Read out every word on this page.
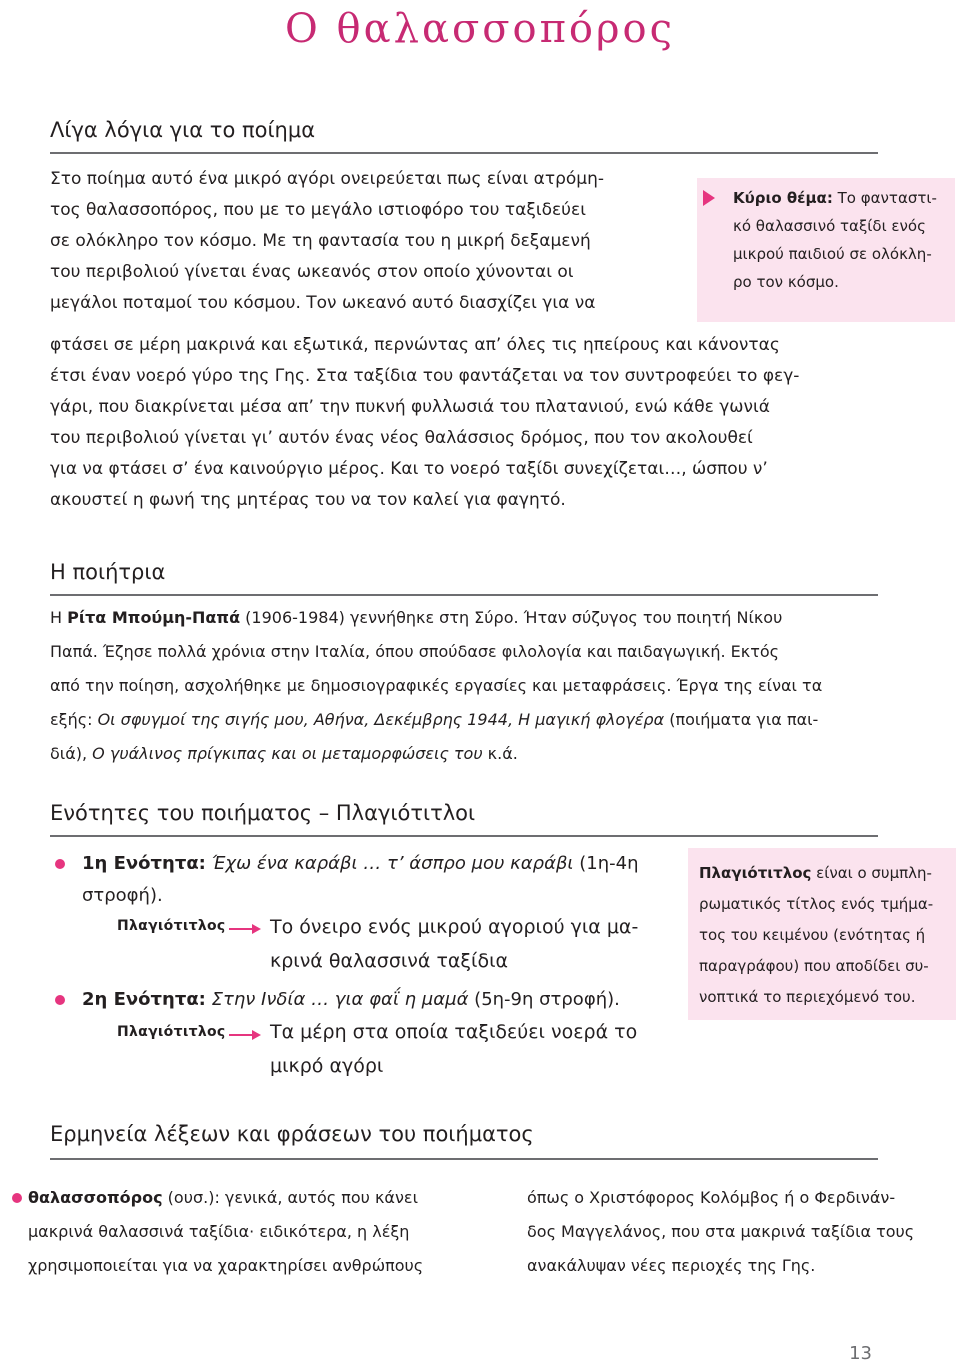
Ο θαλασσοπόρος
Λίγα λόγια για το ποίημα
Στο ποίημα αυτό ένα μικρό αγόρι ονειρεύεται πως είναι ατρόμη-
τος θαλασσοπόρος, που με το μεγάλο ιστιοφόρο του ταξιδεύει
σε ολόκληρο τον κόσμο. Με τη φαντασία του η μικρή δεξαμενή
του περιβολιού γίνεται ένας ωκεανός στον οποίο χύνονται οι
μεγάλοι ποταμοί του κόσμου. Τον ωκεανό αυτό διασχίζει για να
φτάσει σε μέρη μακρινά και εξωτικά, περνώντας απ’ όλες τις ηπείρους και κάνοντας
έτσι έναν νοερό γύρο της Γης. Στα ταξίδια του φαντάζεται να τον συντροφεύει το φεγ-
γάρι, που διακρίνεται μέσα απ’ την πυκνή φυλλωσιά του πλατανιού, ενώ κάθε γωνιά
του περιβολιού γίνεται γι’ αυτόν ένας νέος θαλάσσιος δρόμος, που τον ακολουθεί
για να φτάσει σ’ ένα καινούργιο μέρος. Και το νοερό ταξίδι συνεχίζεται…, ώσπου ν’
ακουστεί η φωνή της μητέρας του να τον καλεί για φαγητό.
Κύριο θέμα: Το φανταστι-
κό θαλασσινό ταξίδι ενός
μικρού παιδιού σε ολόκλη-
ρο τον κόσμο.
Η ποιήτρια
Η Ρίτα Μπούμη-Παπά (1906-1984) γεννήθηκε στη Σύρο. Ήταν σύζυγος του ποιητή Νίκου
Παπά. Έζησε πολλά χρόνια στην Ιταλία, όπου σπούδασε φιλολογία και παιδαγωγική. Εκτός
από την ποίηση, ασχολήθηκε με δημοσιογραφικές εργασίες και μεταφράσεις. Έργα της είναι τα
εξής: Οι σφυγμοί της σιγής μου, Αθήνα, Δεκέμβρης 1944, Η μαγική φλογέρα (ποιήματα για παι-
διά), Ο γυάλινος πρίγκιπας και οι μεταμορφώσεις του κ.ά.
Ενότητες του ποιήματος – Πλαγιότιτλοι
1η Ενότητα: Έχω ένα καράβι … τ’ άσπρο μου καράβι (1η-4η
στροφή).
Πλαγιότιτλος Το όνειρο ενός μικρού αγοριού για μα-
κρινά θαλασσινά ταξίδια
2η Ενότητα: Στην Ινδία … για φαΐ η μαμά (5η-9η στροφή).
Πλαγιότιτλος Τα μέρη στα οποία ταξιδεύει νοερά το
μικρό αγόρι
Πλαγιότιτλος είναι ο συμπλη-
ρωματικός τίτλος ενός τμήμα-
τος του κειμένου (ενότητας ή
παραγράφου) που αποδίδει συ-
νοπτικά το περιεχόμενό του.
Ερμηνεία λέξεων και φράσεων του ποιήματος
θαλασσοπόρος (ουσ.): γενικά, αυτός που κάνει
μακρινά θαλασσινά ταξίδια· ειδικότερα, η λέξη
χρησιμοποιείται για να χαρακτηρίσει ανθρώπους
όπως ο Χριστόφορος Κολόμβος ή ο Φερδινάν-
δος Μαγγελάνος, που στα μακρινά ταξίδια τους
ανακάλυψαν νέες περιοχές της Γης.
13
